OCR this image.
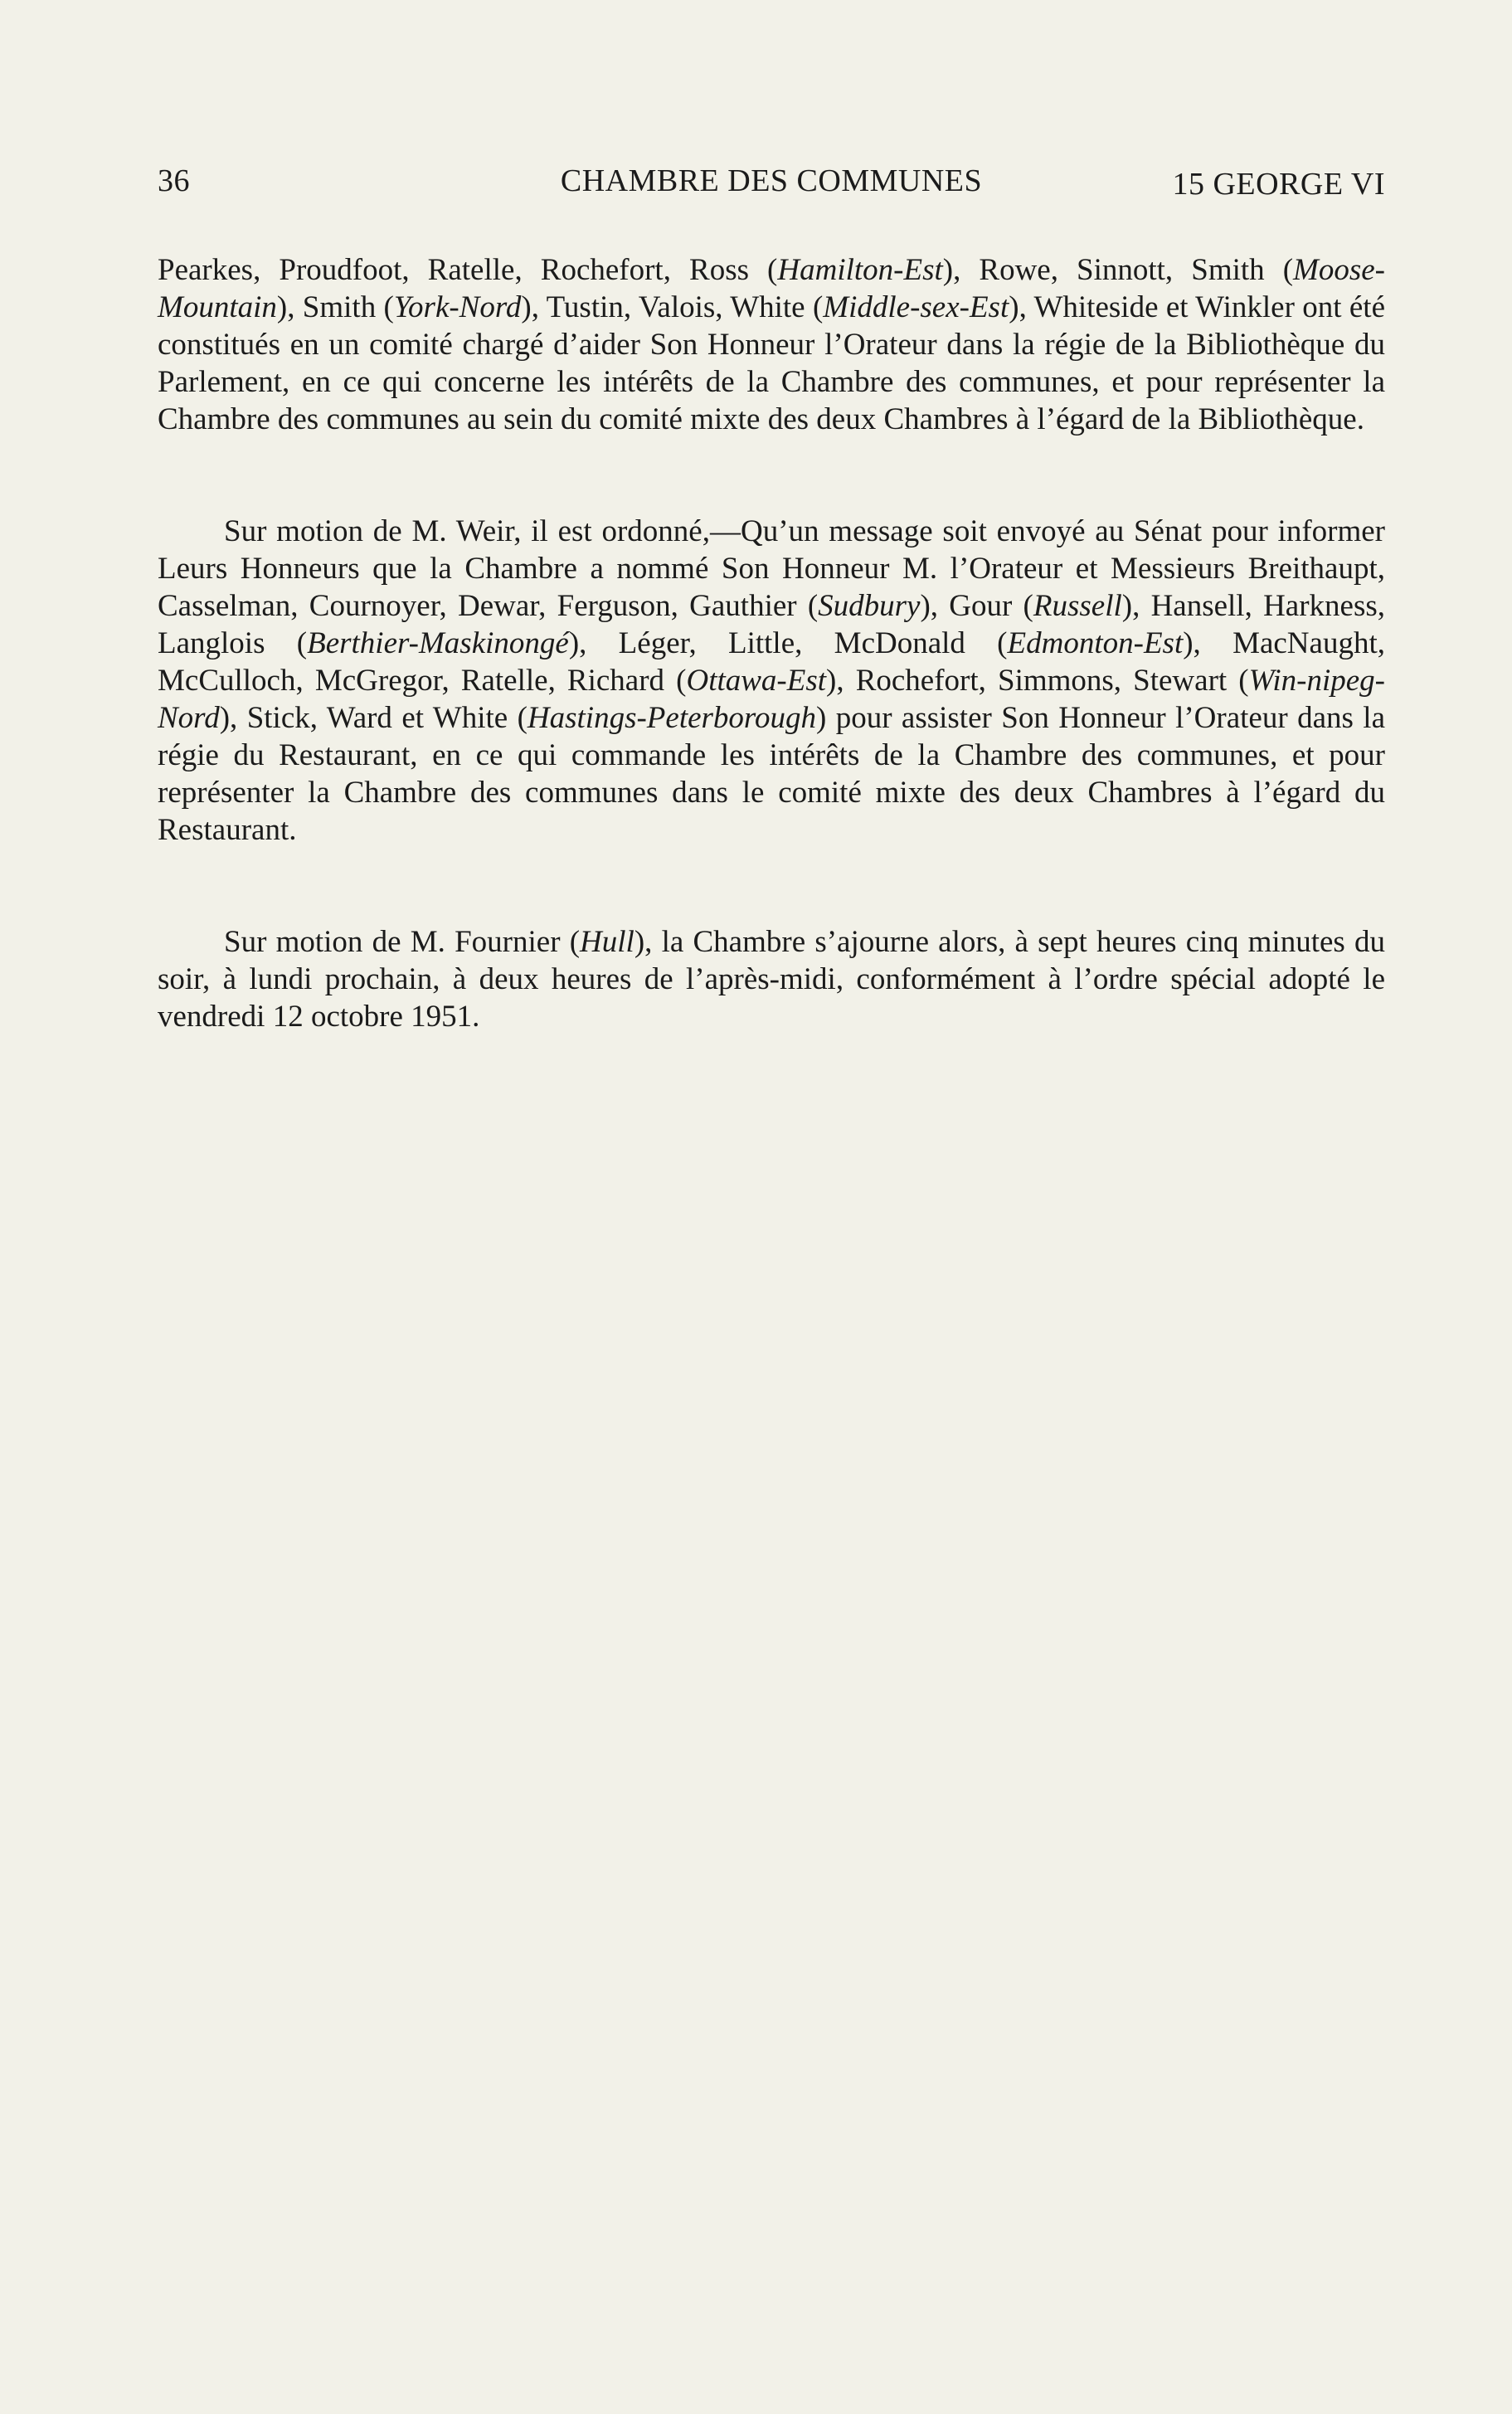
36	CHAMBRE DES COMMUNES	15 GEORGE VI

Pearkes, Proudfoot, Ratelle, Rochefort, Ross (Hamilton-Est), Rowe, Sinnott, Smith (Moose-Mountain), Smith (York-Nord), Tustin, Valois, White (Middle-sex-Est), Whiteside et Winkler ont été constitués en un comité chargé d’aider Son Honneur l’Orateur dans la régie de la Bibliothèque du Parlement, en ce qui concerne les intérêts de la Chambre des communes, et pour représenter la Chambre des communes au sein du comité mixte des deux Chambres à l’égard de la Bibliothèque.

Sur motion de M. Weir, il est ordonné,—Qu’un message soit envoyé au Sénat pour informer Leurs Honneurs que la Chambre a nommé Son Honneur M. l’Orateur et Messieurs Breithaupt, Casselman, Cournoyer, Dewar, Ferguson, Gauthier (Sudbury), Gour (Russell), Hansell, Harkness, Langlois (Berthier-Maskinongé), Léger, Little, McDonald (Edmonton-Est), MacNaught, McCulloch, McGregor, Ratelle, Richard (Ottawa-Est), Rochefort, Simmons, Stewart (Win-nipeg-Nord), Stick, Ward et White (Hastings-Peterborough) pour assister Son Honneur l’Orateur dans la régie du Restaurant, en ce qui commande les intérêts de la Chambre des communes, et pour représenter la Chambre des communes dans le comité mixte des deux Chambres à l’égard du Restaurant.

Sur motion de M. Fournier (Hull), la Chambre s’ajourne alors, à sept heures cinq minutes du soir, à lundi prochain, à deux heures de l’après-midi, conformément à l’ordre spécial adopté le vendredi 12 octobre 1951.
